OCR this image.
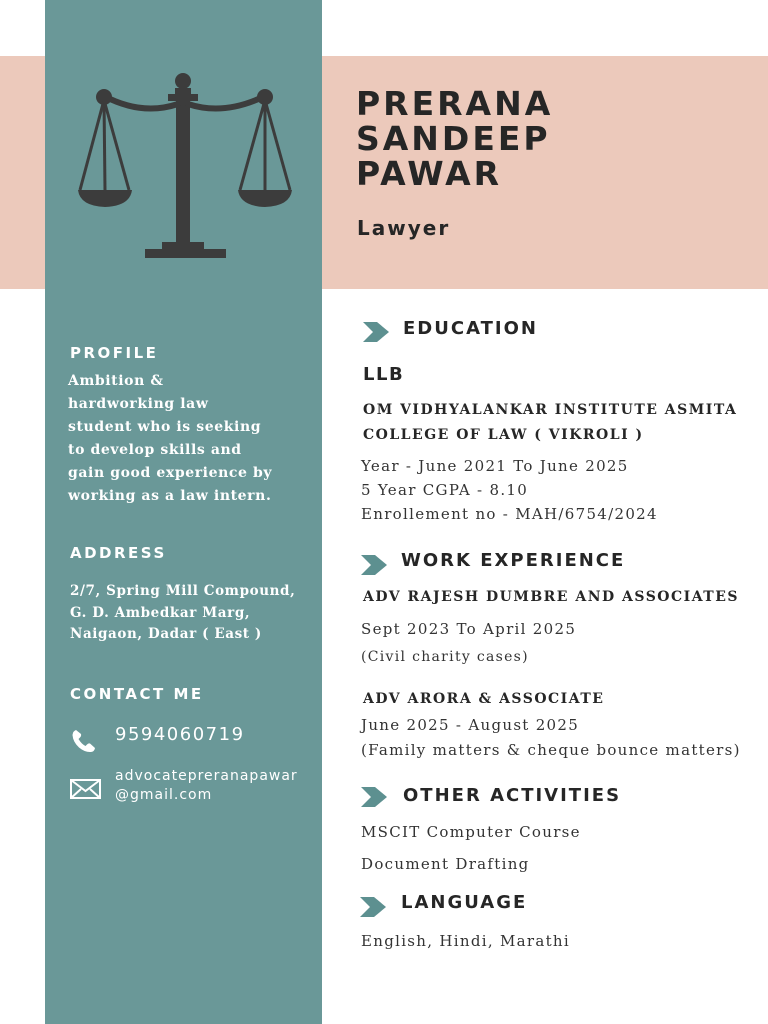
PRERANA
SANDEEP
PAWAR
Lawyer
PROFILE
Ambition &
hardworking law
student who is seeking
to develop skills and
gain good experience by
working as a law intern.
ADDRESS
2/7, Spring Mill Compound,
G. D. Ambedkar Marg,
Naigaon, Dadar ( East )
CONTACT ME
9594060719
advocatepreranapawar
@gmail.com
EDUCATION
LLB
OM VIDHYALANKAR INSTITUTE ASMITA
COLLEGE OF LAW ( VIKROLI )
Year - June 2021 To June 2025
5 Year CGPA - 8.10
Enrollement no - MAH/6754/2024
WORK EXPERIENCE
ADV RAJESH DUMBRE AND ASSOCIATES
Sept 2023 To April 2025
(Civil charity cases)
ADV ARORA & ASSOCIATE
June 2025 - August 2025
(Family matters & cheque bounce matters)
OTHER ACTIVITIES
MSCIT Computer Course
Document Drafting
LANGUAGE
English, Hindi, Marathi
